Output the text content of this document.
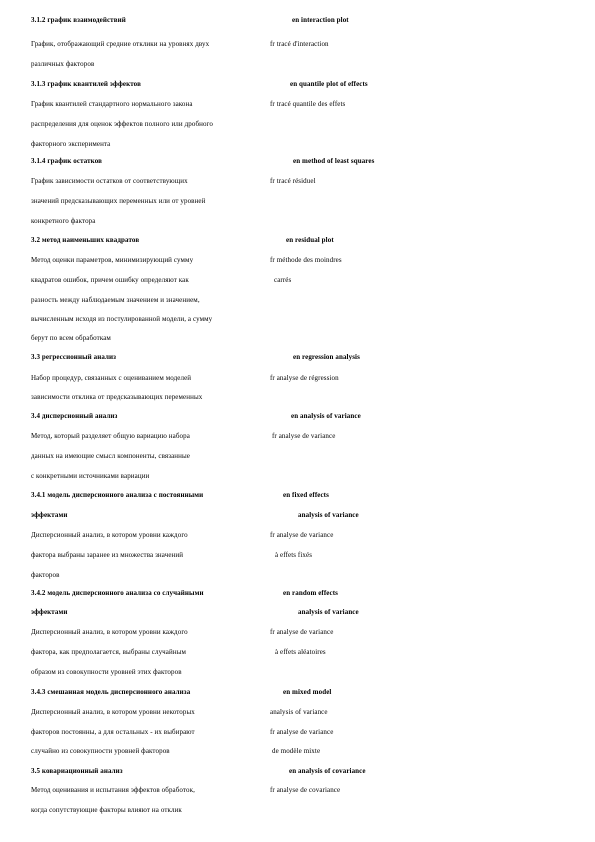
3.1.2 график взаимодействий	en interaction plot
График, отображающий средние отклики на уровнях двух	fr tracé d'interaction
различных факторов
3.1.3 график квантилей эффектов	en quantile plot of effects
График квантилей стандартного нормального закона	fr tracé quantile des effets
распределения для оценок эффектов полного или дробного
факторного эксперимента
3.1.4 график остатков	en method of least squares
График зависимости остатков от соответствующих	fr tracé résiduel
значений предсказывающих переменных или от уровней
конкретного фактора
3.2 метод наименьших квадратов	en residual plot
Метод оценки параметров, минимизирующий сумму	fr méthode des moindres
квадратов ошибок, причем ошибку определяют как	carrés
разность между наблюдаемым значением и значением,
вычисленным исходя из постулированной модели, а сумму
берут по всем обработкам
3.3 регрессионный анализ	en regression analysis
Набор процедур, связанных с оцениванием моделей	fr analyse de régression
зависимости отклика от предсказывающих переменных
3.4 дисперсионный анализ	en analysis of variance
Метод, который разделяет общую вариацию набора	fr analyse de variance
данных на имеющие смысл компоненты, связанные
с конкретными источниками вариации
3.4.1 модель дисперсионного анализа с постоянными	en fixed effects
эффектами	analysis of variance
Дисперсионный анализ, в котором уровни каждого	fr analyse de variance
фактора выбраны заранее из множества значений	à effets fixés
факторов
3.4.2 модель дисперсионного анализа со случайными	en random effects
эффектами	analysis of variance
Дисперсионный анализ, в котором уровни каждого	fr analyse de variance
фактора, как предполагается, выбраны случайным	à effets aléatoires
образом из совокупности уровней этих факторов
3.4.3 смешанная модель дисперсионного анализа	en mixed model
Дисперсионный анализ, в котором уровни некоторых	analysis of variance
факторов постоянны, а для остальных - их выбирают	fr analyse de variance
случайно из совокупности уровней факторов	de modèle mixte
3.5 ковариационный анализ	en analysis of covariance
Метод оценивания и испытания эффектов обработок,	fr analyse de covariance
когда сопутствующие факторы влияют на отклик
